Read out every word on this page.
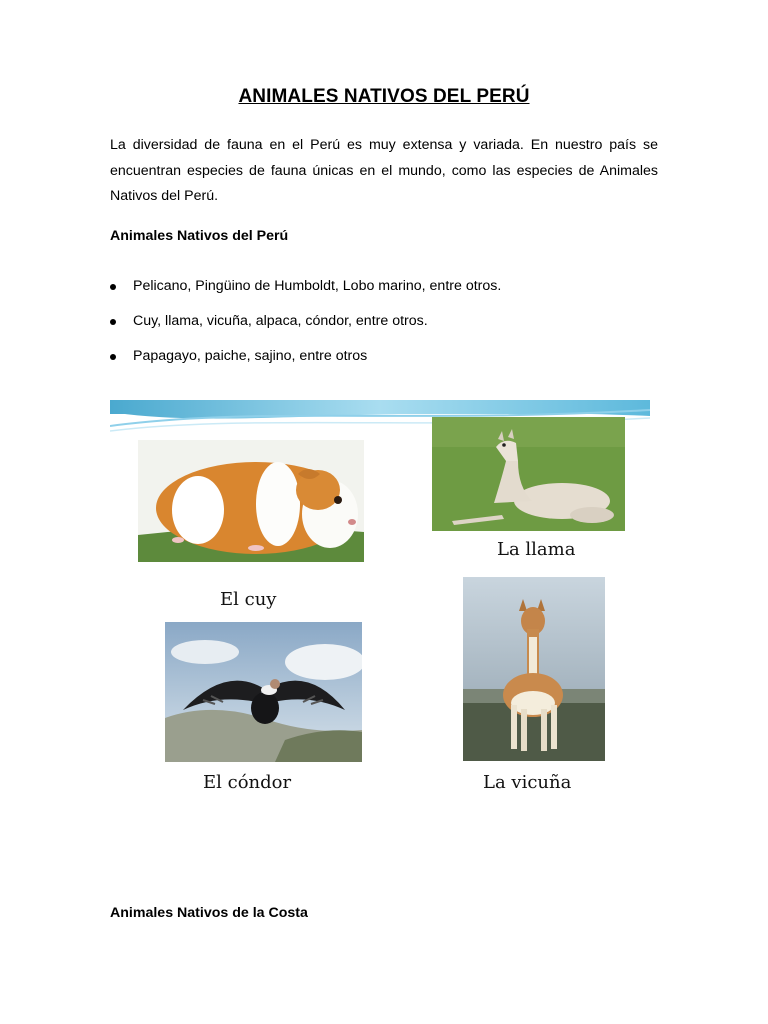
ANIMALES NATIVOS DEL PERÚ
La diversidad de fauna en el Perú es muy extensa y variada. En nuestro país se encuentran especies de fauna únicas en el mundo, como las especies de Animales Nativos del Perú.
Animales Nativos del Perú
Pelicano, Pingüino de Humboldt, Lobo marino, entre otros.
Cuy, llama, vicuña, alpaca, cóndor, entre otros.
Papagayo, paiche, sajino, entre otros
La llama
El cuy
El cóndor	La vicuña
Animales Nativos de la Costa
